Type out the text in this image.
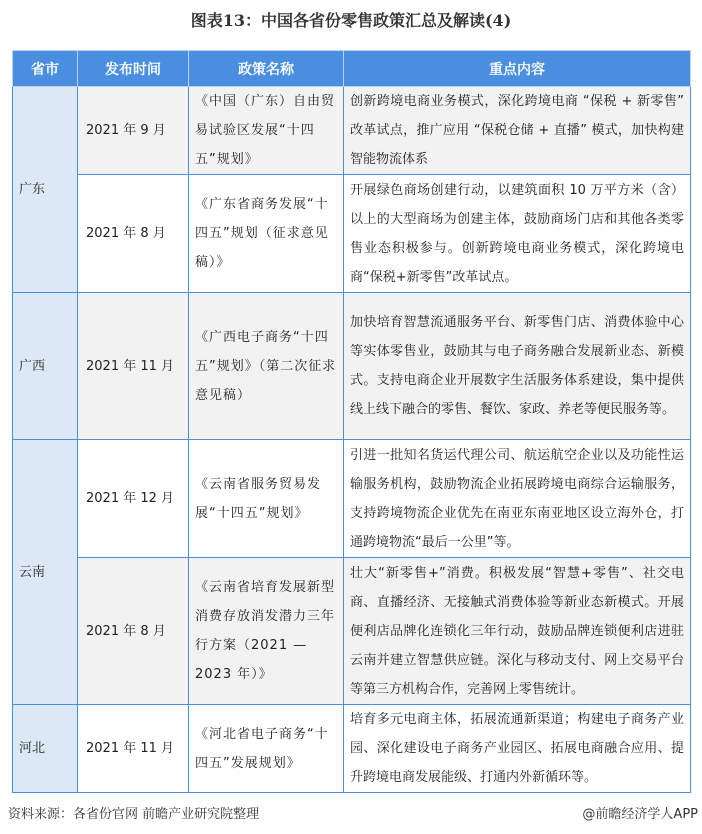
图表13：中国各省份零售政策汇总及解读(4)
省市	发布时间	政策名称	重点内容
广东	2021 年 9 月	《中国（广东）自由贸易试验区发展“十四五”规划》	创新跨境电商业务模式，深化跨境电商 “保税 + 新零售” 改革试点，推广应用 “保税仓储 + 直播” 模式，加快构建智能物流体系
	2021 年 8 月	《广东省商务发展“十四五”规划（征求意见稿）》	开展绿色商场创建行动，以建筑面积 10 万平方米（含）以上的大型商场为创建主体，鼓励商场门店和其他各类零售业态积极参与。创新跨境电商业务模式，深化跨境电商“保税+新零售”改革试点。
广西	2021 年 11 月	《广西电子商务“十四五”规划》（第二次征求意见稿）	加快培育智慧流通服务平台、新零售门店、消费体验中心等实体零售业，鼓励其与电子商务融合发展新业态、新模式。支持电商企业开展数字生活服务体系建设，集中提供线上线下融合的零售、餐饮、家政、养老等便民服务等。
云南	2021 年 12 月	《云南省服务贸易发展“十四五”规划》	引进一批知名货运代理公司、航运航空企业以及功能性运输服务机构，鼓励物流企业拓展跨境电商综合运输服务，支持跨境物流企业优先在南亚东南亚地区设立海外仓，打通跨境物流“最后一公里”等。
	2021 年 8 月	《云南省培育发展新型消费存放消发潜力三年行方案（2021 — 2023 年）》	壮大“新零售+”消费。积极发展“智慧+零售”、社交电商、直播经济、无接触式消费体验等新业态新模式。开展便利店品牌化连锁化三年行动，鼓励品牌连锁便利店进驻云南并建立智慧供应链。深化与移动支付、网上交易平台等第三方机构合作，完善网上零售统计。
河北	2021 年 11 月	《河北省电子商务“十四五”发展规划》	培育多元电商主体，拓展流通新渠道；构建电子商务产业园、深化建设电子商务产业园区、拓展电商融合应用、提升跨境电商发展能级、打通内外新循环等。
资料来源：各省份官网 前瞻产业研究院整理	@前瞻经济学人APP
